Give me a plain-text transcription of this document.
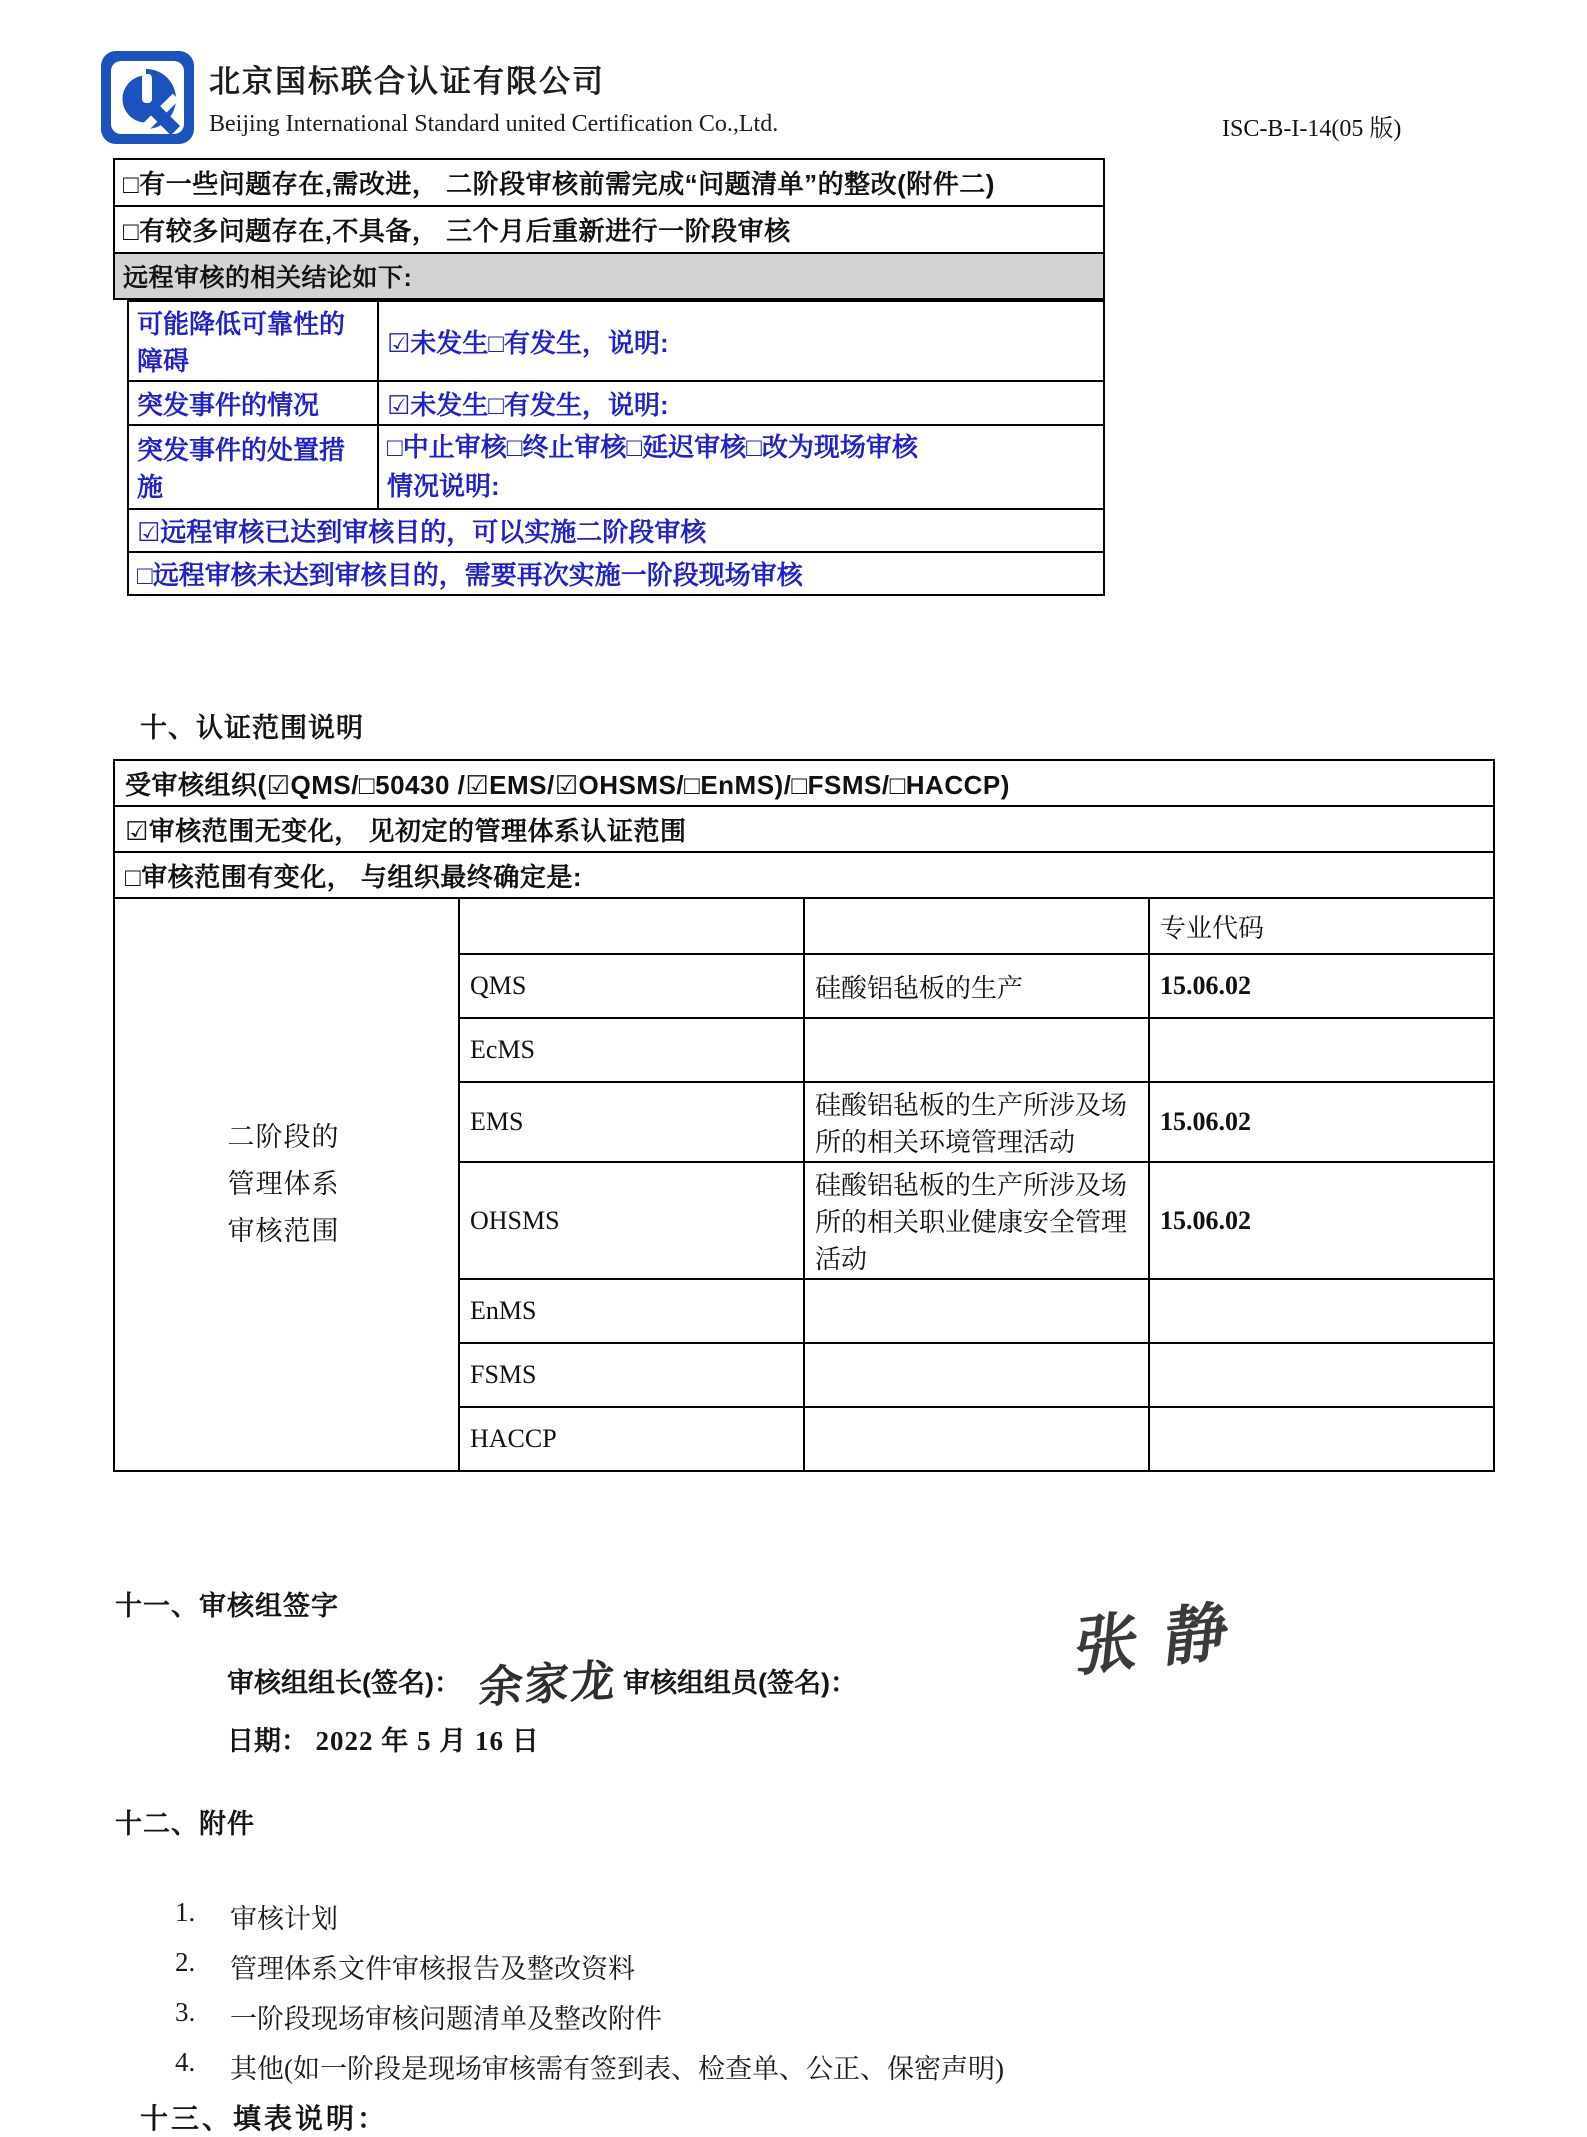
北京国标联合认证有限公司
Beijing International Standard united Certification Co.,Ltd.	ISC-B-I-14(05 版)
□有一些问题存在,需改进， 二阶段审核前需完成“问题清单”的整改(附件二)
□有较多问题存在,不具备， 三个月后重新进行一阶段审核
远程审核的相关结论如下:
可能降低可靠性的障碍	☑未发生□有发生，说明:
突发事件的情况	☑未发生□有发生，说明:
突发事件的处置措施	□中止审核□终止审核□延迟审核□改为现场审核
情况说明:

☑远程审核已达到审核目的，可以实施二阶段审核	
□远程审核未达到审核目的，需要再次实施一阶段现场审核	
十、认证范围说明
受审核组织(☑QMS/□50430 /☑EMS/☑OHSMS/□EnMS)/□FSMS/□HACCP)			
☑审核范围无变化， 见初定的管理体系认证范围			
□审核范围有变化， 与组织最终确定是:			

二阶段的管理体系审核范围			专业代码
	QMS	硅酸铝毡板的生产	15.06.02
	EcMS		
	EMS	硅酸铝毡板的生产所涉及场所的相关环境管理活动	15.06.02
	OHSMS	硅酸铝毡板的生产所涉及场所的相关职业健康安全管理活动	15.06.02
	EnMS		
	FSMS		
	HACCP		
十一、审核组签字
审核组组长(签名)： 余家龙 审核组组员(签名)：	张静
日期： 2022 年 5 月 16 日
十二、附件
1.	审核计划
2.	管理体系文件审核报告及整改资料
3.	一阶段现场审核问题清单及整改附件
4.	其他(如一阶段是现场审核需有签到表、检查单、公正、保密声明)
十三、填表说明：
